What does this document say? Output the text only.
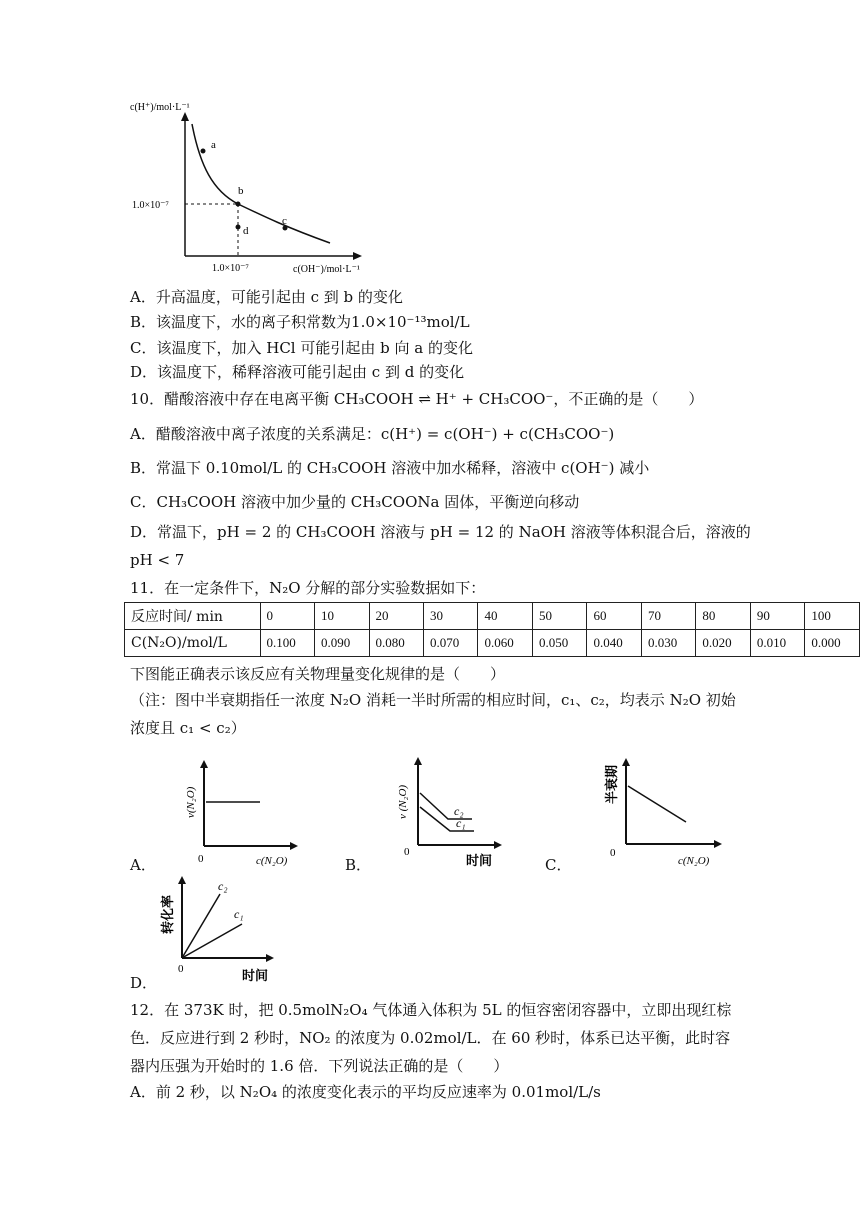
a
b
c
d
c(H⁺)/mol·L⁻¹
c(OH⁻)/mol·L⁻¹
1.0×10⁻⁷
1.0×10⁻⁷
A．升高温度，可能引起由 c 到 b 的变化
B．该温度下，水的离子积常数为1.0×10⁻¹³mol/L
C．该温度下，加入 HCl 可能引起由 b 向 a 的变化
D．该温度下，稀释溶液可能引起由 c 到 d 的变化
10．醋酸溶液中存在电离平衡 CH₃COOH ⇌ H⁺ + CH₃COO⁻，不正确的是（　　）
A．醋酸溶液中离子浓度的关系满足：c(H⁺) = c(OH⁻) + c(CH₃COO⁻)
B．常温下 0.10mol/L 的 CH₃COOH 溶液中加水稀释，溶液中 c(OH⁻) 减小
C．CH₃COOH 溶液中加少量的 CH₃COONa 固体，平衡逆向移动
D．常温下，pH = 2 的 CH₃COOH 溶液与 pH = 12 的 NaOH 溶液等体积混合后，溶液的
pH < 7
11．在一定条件下，N₂O 分解的部分实验数据如下：
反应时间/ min	0	10	20	30	40	50	60	70	80	90	100
C(N₂O)/mol/L	0.100	0.090	0.080	0.070	0.060	0.050	0.040	0.030	0.020	0.010	0.000
下图能正确表示该反应有关物理量变化规律的是（　　）
（注：图中半衰期指任一浓度 N₂O 消耗一半时所需的相应时间，c₁、c₂，均表示 N₂O 初始
浓度且 c₁ < c₂）
v(N₂O)
c(N₂O)
0
A．
c₂
c₁
v (N₂O)
时间
0
B．
半衰期
c(N₂O)
0
C．
c₂
c₁
转化率
时间
0
D．
12．在 373K 时，把 0.5molN₂O₄ 气体通入体积为 5L 的恒容密闭容器中，立即出现红棕
色．反应进行到 2 秒时，NO₂ 的浓度为 0.02mol/L．在 60 秒时，体系已达平衡，此时容
器内压强为开始时的 1.6 倍．下列说法正确的是（　　）
A．前 2 秒，以 N₂O₄ 的浓度变化表示的平均反应速率为 0.01mol/L/s
